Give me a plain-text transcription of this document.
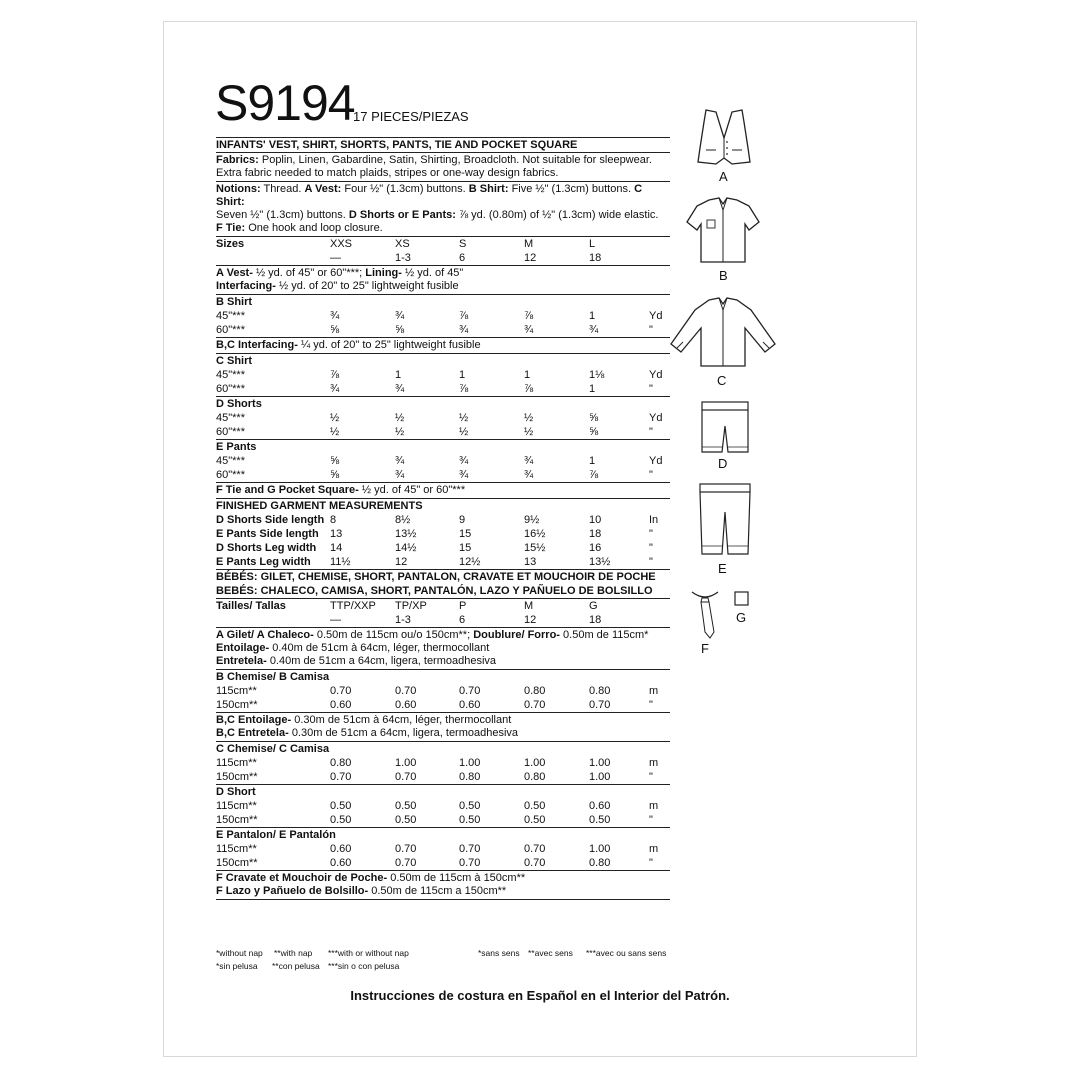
S9194
17 PIECES/PIEZAS
INFANTS' VEST, SHIRT, SHORTS, PANTS, TIE AND POCKET SQUARE
Fabrics: Poplin, Linen, Gabardine, Satin, Shirting, Broadcloth. Not suitable for sleepwear.
Extra fabric needed to match plaids, stripes or one-way design fabrics.
Notions: Thread. A Vest: Four ½" (1.3cm) buttons. B Shirt: Five ½" (1.3cm) buttons. C Shirt:
Seven ½" (1.3cm) buttons. D Shorts or E Pants: ⅞ yd. (0.80m) of ½" (1.3cm) wide elastic.
F Tie: One hook and loop closure.
Sizes	XXS	XS	S	M	L
—	1-3	6	12	18
A Vest- ½ yd. of 45" or 60"***; Lining- ½ yd. of 45"
Interfacing- ½ yd. of 20" to 25" lightweight fusible
B Shirt
45"***	¾	¾	⅞	⅞	1	Yd
60"***	⅝	⅝	¾	¾	¾	"
B,C Interfacing- ¼ yd. of 20" to 25" lightweight fusible
C Shirt
45"***	⅞	1	1	1	1⅛	Yd
60"***	¾	¾	⅞	⅞	1	"
D Shorts
45"***	½	½	½	½	⅝	Yd
60"***	½	½	½	½	⅝	"
E Pants
45"***	⅝	¾	¾	¾	1	Yd
60"***	⅝	¾	¾	¾	⅞	"
F Tie and G Pocket Square- ½ yd. of 45" or 60"***
FINISHED GARMENT MEASUREMENTS
D Shorts Side length 8	8½	9	9½	10	In
E Pants Side length 13	13½	15	16½	18	"
D Shorts Leg width 14	14½	15	15½	16	"
E Pants Leg width 11½	12	12½	13	13½	"
BÉBÉS: GILET, CHEMISE, SHORT, PANTALON, CRAVATE ET MOUCHOIR DE POCHE
BEBÉS: CHALECO, CAMISA, SHORT, PANTALÓN, LAZO Y PAÑUELO DE BOLSILLO
Tailles/ Tallas	TTP/XXP TP/XP	P	M	G
—	1-3	6	12	18
A Gilet/ A Chaleco- 0.50m de 115cm ou/o 150cm**; Doublure/ Forro- 0.50m de 115cm*
Entoilage- 0.40m de 51cm à 64cm, léger, thermocollant
Entretela- 0.40m de 51cm a 64cm, ligera, termoadhesiva
B Chemise/ B Camisa
115cm**	0.70	0.70	0.70	0.80	0.80	m
150cm**	0.60	0.60	0.60	0.70	0.70	"
B,C Entoilage- 0.30m de 51cm à 64cm, léger, thermocollant
B,C Entretela- 0.30m de 51cm a 64cm, ligera, termoadhesiva
C Chemise/ C Camisa
115cm**	0.80	1.00	1.00	1.00	1.00	m
150cm**	0.70	0.70	0.80	0.80	1.00	"
D Short
115cm**	0.50	0.50	0.50	0.50	0.60	m
150cm**	0.50	0.50	0.50	0.50	0.50	"
E Pantalon/ E Pantalón
115cm**	0.60	0.70	0.70	0.70	1.00	m
150cm**	0.60	0.70	0.70	0.70	0.80	"
F Cravate et Mouchoir de Poche- 0.50m de 115cm à 150cm**
F Lazo y Pañuelo de Bolsillo- 0.50m de 115cm a 150cm**
*without nap **with nap ***with or without nap	*sans sens **avec sens ***avec ou sans sens
*sin pelusa **con pelusa ***sin o con pelusa
Instrucciones de costura en Español en el Interior del Patrón.
A
B
C
D
E
F
G
